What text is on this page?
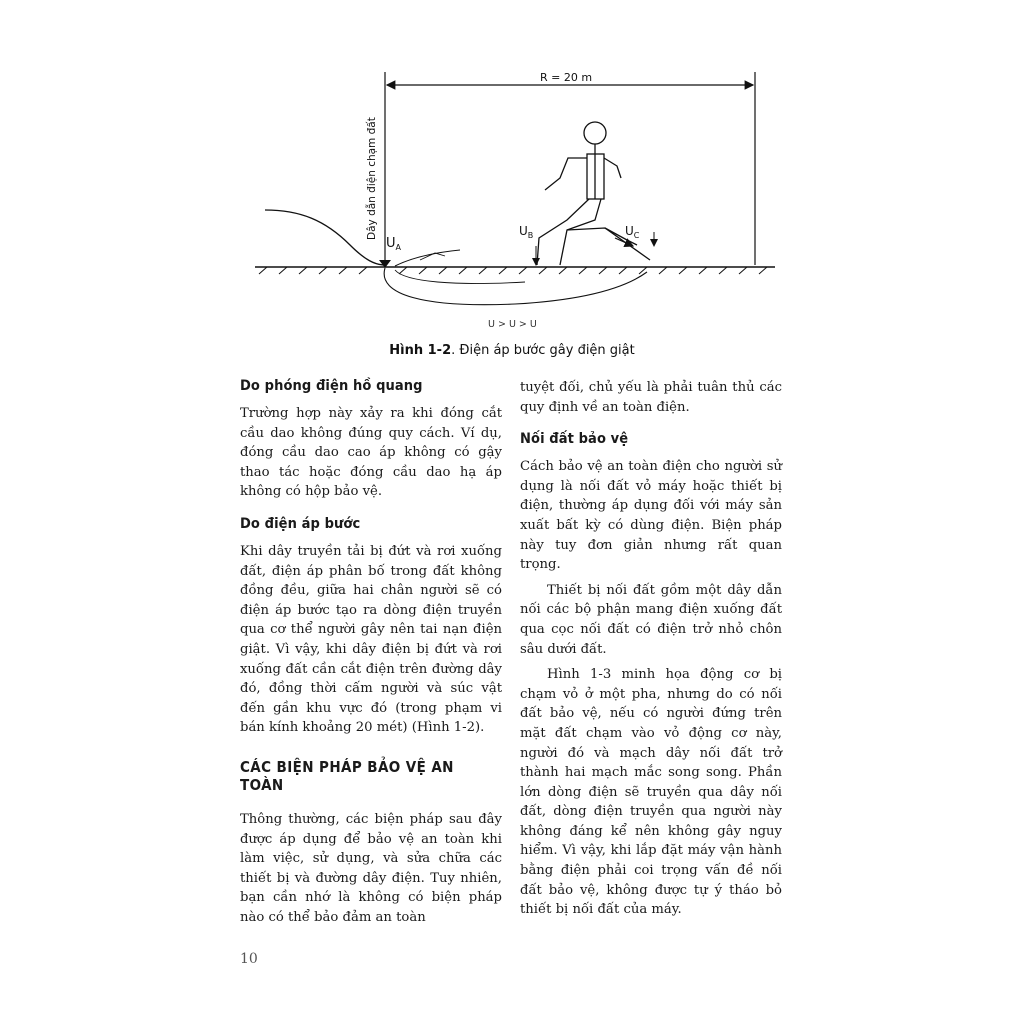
R = 20 m
Dây dẫn điện chạm đất
$U_A$
$U_B$	$U_C$
U > U > U
Hình 1-2. Điện áp bước gây điện giật
Do phóng điện hồ quang

Trường hợp này xảy ra khi đóng cắt cầu dao không đúng quy cách. Ví dụ, đóng cầu dao cao áp không có gậy thao tác hoặc đóng cầu dao hạ áp không có hộp bảo vệ.

Do điện áp bước

Khi dây truyền tải bị đứt và rơi xuống đất, điện áp phân bố trong đất không đồng đều, giữa hai chân người sẽ có điện áp bước tạo ra dòng điện truyền qua cơ thể người gây nên tai nạn điện giật. Vì vậy, khi dây điện bị đứt và rơi xuống đất cần cắt điện trên đường dây đó, đồng thời cấm người và súc vật đến gần khu vực đó (trong phạm vi bán kính khoảng 20 mét) (Hình 1-2).

CÁC BIỆN PHÁP BẢO VỆ AN TOÀN

Thông thường, các biện pháp sau đây được áp dụng để bảo vệ an toàn khi làm việc, sử dụng, và sửa chữa các thiết bị và đường dây điện. Tuy nhiên, bạn cần nhớ là không có biện pháp nào có thể bảo đảm an toàn

tuyệt đối, chủ yếu là phải tuân thủ các quy định về an toàn điện.

Nối đất bảo vệ

Cách bảo vệ an toàn điện cho người sử dụng là nối đất vỏ máy hoặc thiết bị điện, thường áp dụng đối với máy sản xuất bất kỳ có dùng điện. Biện pháp này tuy đơn giản nhưng rất quan trọng.

Thiết bị nối đất gồm một dây dẫn nối các bộ phận mang điện xuống đất qua cọc nối đất có điện trở nhỏ chôn sâu dưới đất.

Hình 1-3 minh họa động cơ bị chạm vỏ ở một pha, nhưng do có nối đất bảo vệ, nếu có người đứng trên mặt đất chạm vào vỏ động cơ này, người đó và mạch dây nối đất trở thành hai mạch mắc song song. Phần lớn dòng điện sẽ truyền qua dây nối đất, dòng điện truyền qua người này không đáng kể nên không gây nguy hiểm. Vì vậy, khi lắp đặt máy vận hành bằng điện phải coi trọng vấn đề nối đất bảo vệ, không được tự ý tháo bỏ thiết bị nối đất của máy.

10
